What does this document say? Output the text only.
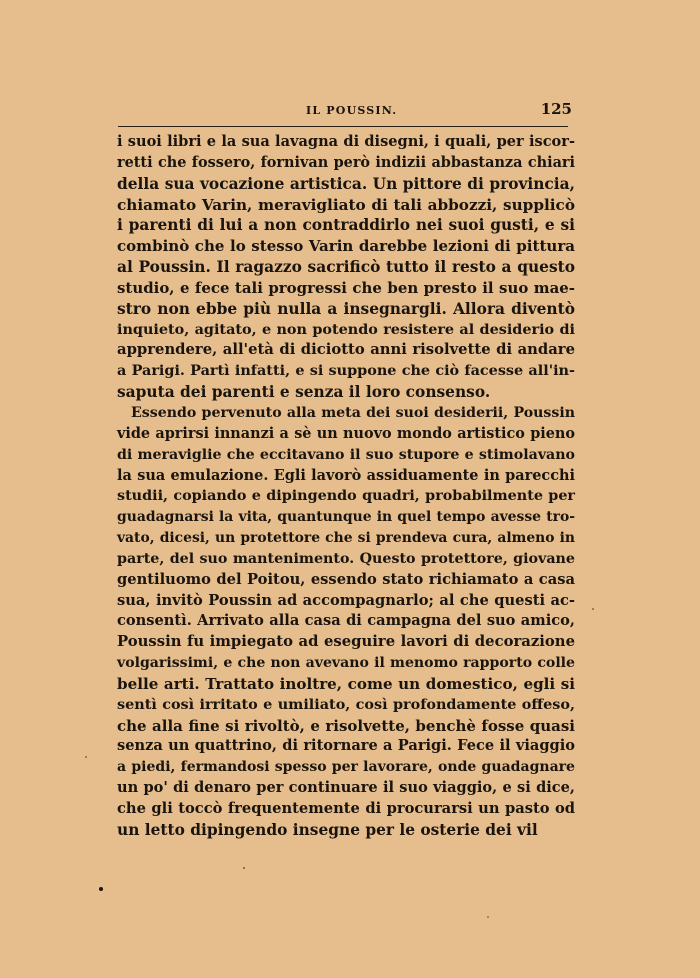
IL POUSSIN.	125
i suoi libri e la sua lavagna di disegni, i quali, per iscor-
retti che fossero, fornivan però indizii abbastanza chiari
della sua vocazione artistica. Un pittore di provincia,
chiamato Varin, meravigliato di tali abbozzi, supplicò
i parenti di lui a non contraddirlo nei suoi gusti, e si
combinò che lo stesso Varin darebbe lezioni di pittura
al Poussin. Il ragazzo sacrificò tutto il resto a questo
studio, e fece tali progressi che ben presto il suo mae-
stro non ebbe più nulla a insegnargli. Allora diventò
inquieto, agitato, e non potendo resistere al desiderio di
apprendere, all'età di diciotto anni risolvette di andare
a Parigi. Partì infatti, e si suppone che ciò facesse all'in-
saputa dei parenti e senza il loro consenso.
Essendo pervenuto alla meta dei suoi desiderii, Poussin
vide aprirsi innanzi a sè un nuovo mondo artistico pieno
di meraviglie che eccitavano il suo stupore e stimolavano
la sua emulazione. Egli lavorò assiduamente in parecchi
studii, copiando e dipingendo quadri, probabilmente per
guadagnarsi la vita, quantunque in quel tempo avesse tro-
vato, dicesi, un protettore che si prendeva cura, almeno in
parte, del suo mantenimento. Questo protettore, giovane
gentiluomo del Poitou, essendo stato richiamato a casa
sua, invitò Poussin ad accompagnarlo; al che questi ac-
consentì. Arrivato alla casa di campagna del suo amico,
Poussin fu impiegato ad eseguire lavori di decorazione
volgarissimi, e che non avevano il menomo rapporto colle
belle arti. Trattato inoltre, come un domestico, egli si
sentì così irritato e umiliato, così profondamente offeso,
che alla fine si rivoltò, e risolvette, benchè fosse quasi
senza un quattrino, di ritornare a Parigi. Fece il viaggio
a piedi, fermandosi spesso per lavorare, onde guadagnare
un po' di denaro per continuare il suo viaggio, e si dice,
che gli toccò frequentemente di procurarsi un pasto od
un letto dipingendo insegne per le osterie dei vil
